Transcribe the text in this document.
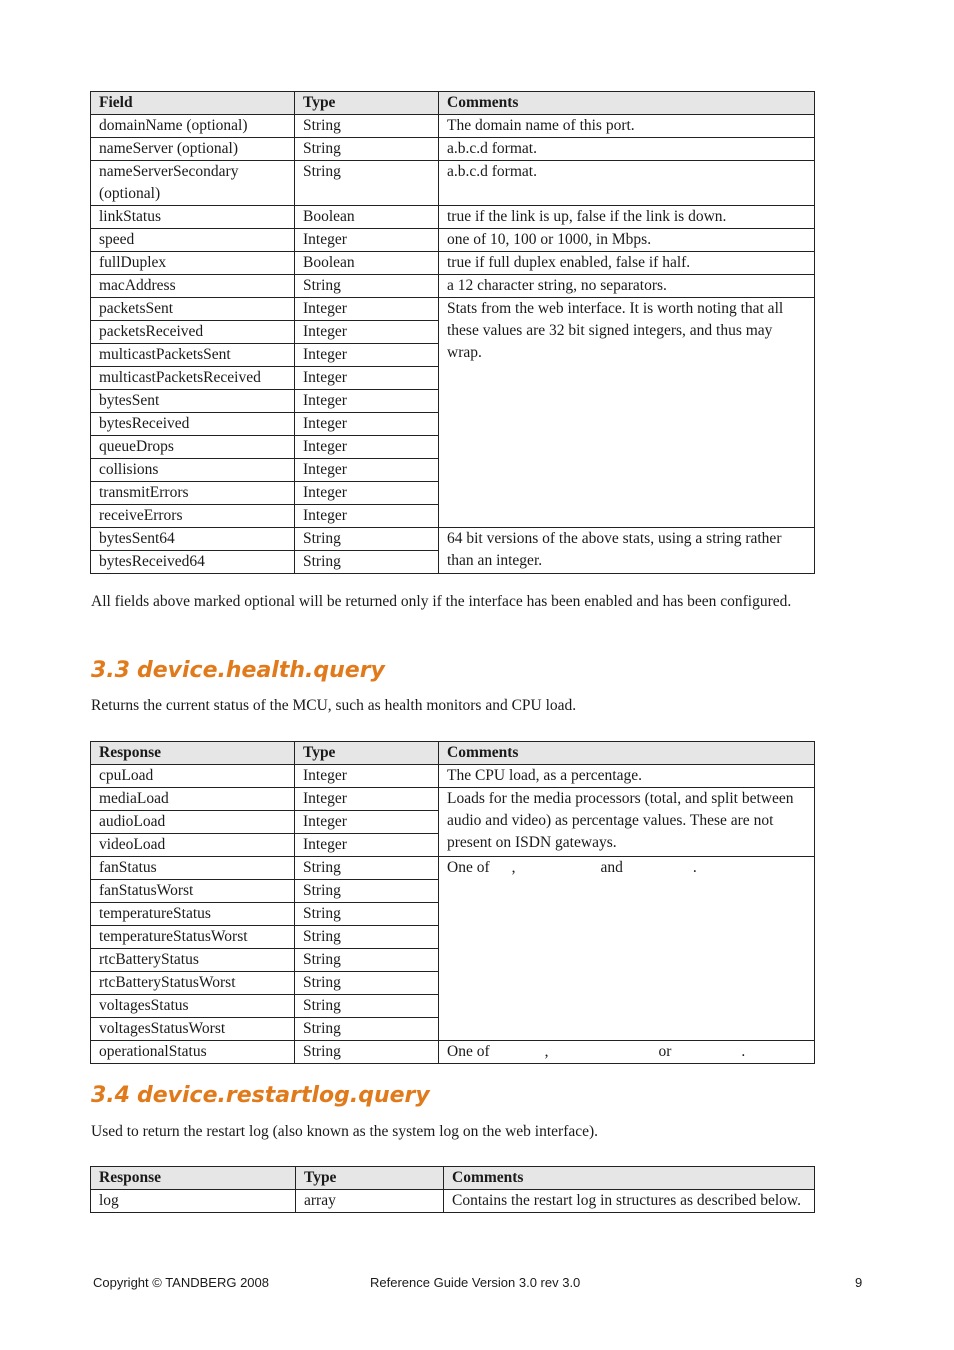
Field	Type	Comments
domainName (optional)	String	The domain name of this port.
nameServer (optional)	String	a.b.c.d format.
nameServerSecondary (optional)	String	a.b.c.d format.
linkStatus	Boolean	true if the link is up, false if the link is down.
speed	Integer	one of 10, 100 or 1000, in Mbps.
fullDuplex	Boolean	true if full duplex enabled, false if half.
macAddress	String	a 12 character string, no separators.
packetsSent	Integer	Stats from the web interface. It is worth noting that all these values are 32 bit signed integers, and thus may wrap.
packetsReceived	Integer	
multicastPacketsSent	Integer	
multicastPacketsReceived	Integer	
bytesSent	Integer	
bytesReceived	Integer	
queueDrops	Integer	
collisions	Integer	
transmitErrors	Integer	
receiveErrors	Integer	
bytesSent64	String	64 bit versions of the above stats, using a string rather than an integer.
bytesReceived64	String	

All fields above marked optional will be returned only if the interface has been enabled and has been configured.

3.3 device.health.query

Returns the current status of the MCU, such as health monitors and CPU load.

Response	Type	Comments
cpuLoad	Integer	The CPU load, as a percentage.
mediaLoad	Integer	Loads for the media processors (total, and split between audio and video) as percentage values. These are not present on ISDN gateways.
audioLoad	Integer	
videoLoad	Integer	
fanStatus	String	One of , and .
fanStatusWorst	String	
temperatureStatus	String	
temperatureStatusWorst	String	
rtcBatteryStatus	String	
rtcBatteryStatusWorst	String	
voltagesStatus	String	
voltagesStatusWorst	String	
operationalStatus	String	One of , or .
3.4 device.restartlog.query

Used to return the restart log (also known as the system log on the web interface).

Response	Type	Comments
log	array	Contains the restart log in structures as described below.
Copyright © TANDBERG 2008	Reference Guide Version 3.0 rev 3.0	9
